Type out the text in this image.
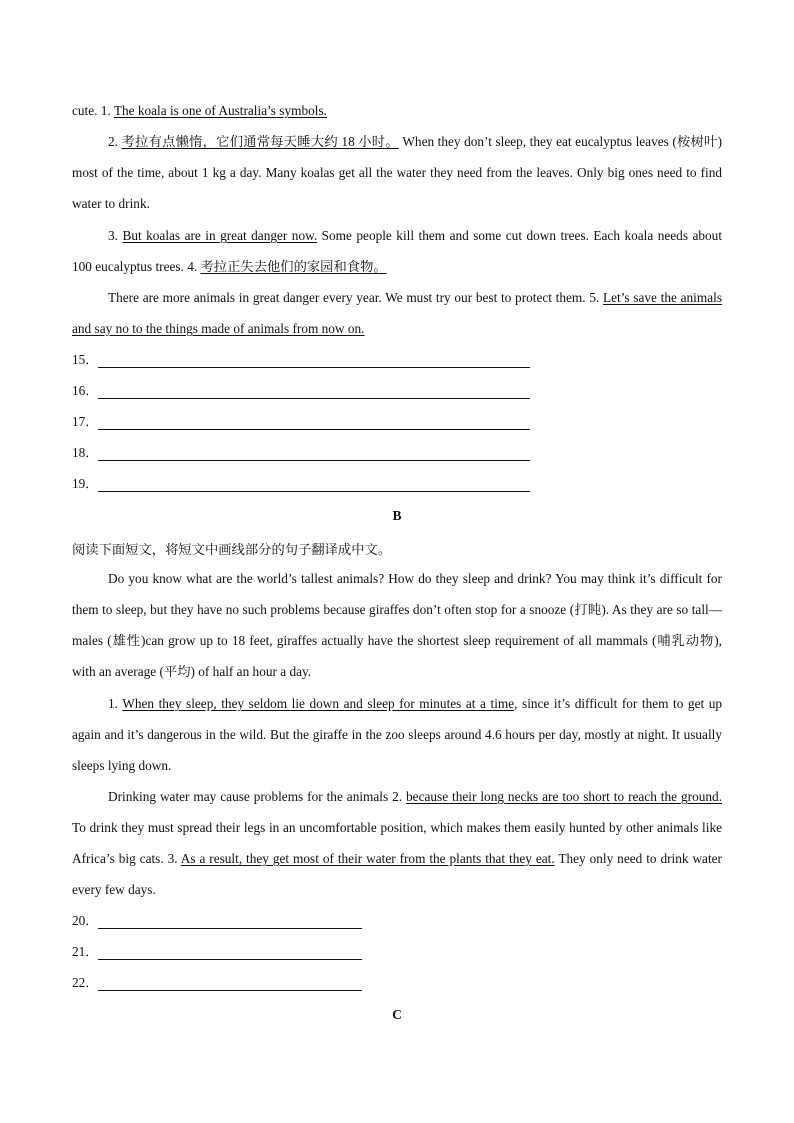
cute. 1. The koala is one of Australia’s symbols.

2. 考拉有点懒惰，它们通常每天睡大约 18 小时。 When they don’t sleep, they eat eucalyptus leaves (桉树叶) most of the time, about 1 kg a day. Many koalas get all the water they need from the leaves. Only big ones need to find water to drink.

3. But koalas are in great danger now. Some people kill them and some cut down trees. Each koala needs about 100 eucalyptus trees. 4. 考拉正失去他们的家园和食物。

There are more animals in great danger every year. We must try our best to protect them. 5. Let’s save the animals and say no to the things made of animals from now on.

15．
16．
17．
18．
19．
B
阅读下面短文，将短文中画线部分的句子翻译成中文。

Do you know what are the world’s tallest animals? How do they sleep and drink? You may think it’s difficult for them to sleep, but they have no such problems because giraffes don’t often stop for a snooze (打盹). As they are so tall—males (雄性)can grow up to 18 feet, giraffes actually have the shortest sleep requirement of all mammals (哺乳动物), with an average (平均) of half an hour a day.

1. When they sleep, they seldom lie down and sleep for minutes at a time, since it’s difficult for them to get up again and it’s dangerous in the wild. But the giraffe in the zoo sleeps around 4.6 hours per day, mostly at night. It usually sleeps lying down.

Drinking water may cause problems for the animals 2. because their long necks are too short to reach the ground. To drink they must spread their legs in an uncomfortable position, which makes them easily hunted by other animals like Africa’s big cats. 3. As a result, they get most of their water from the plants that they eat. They only need to drink water every few days.

20．
21．
22．
C
